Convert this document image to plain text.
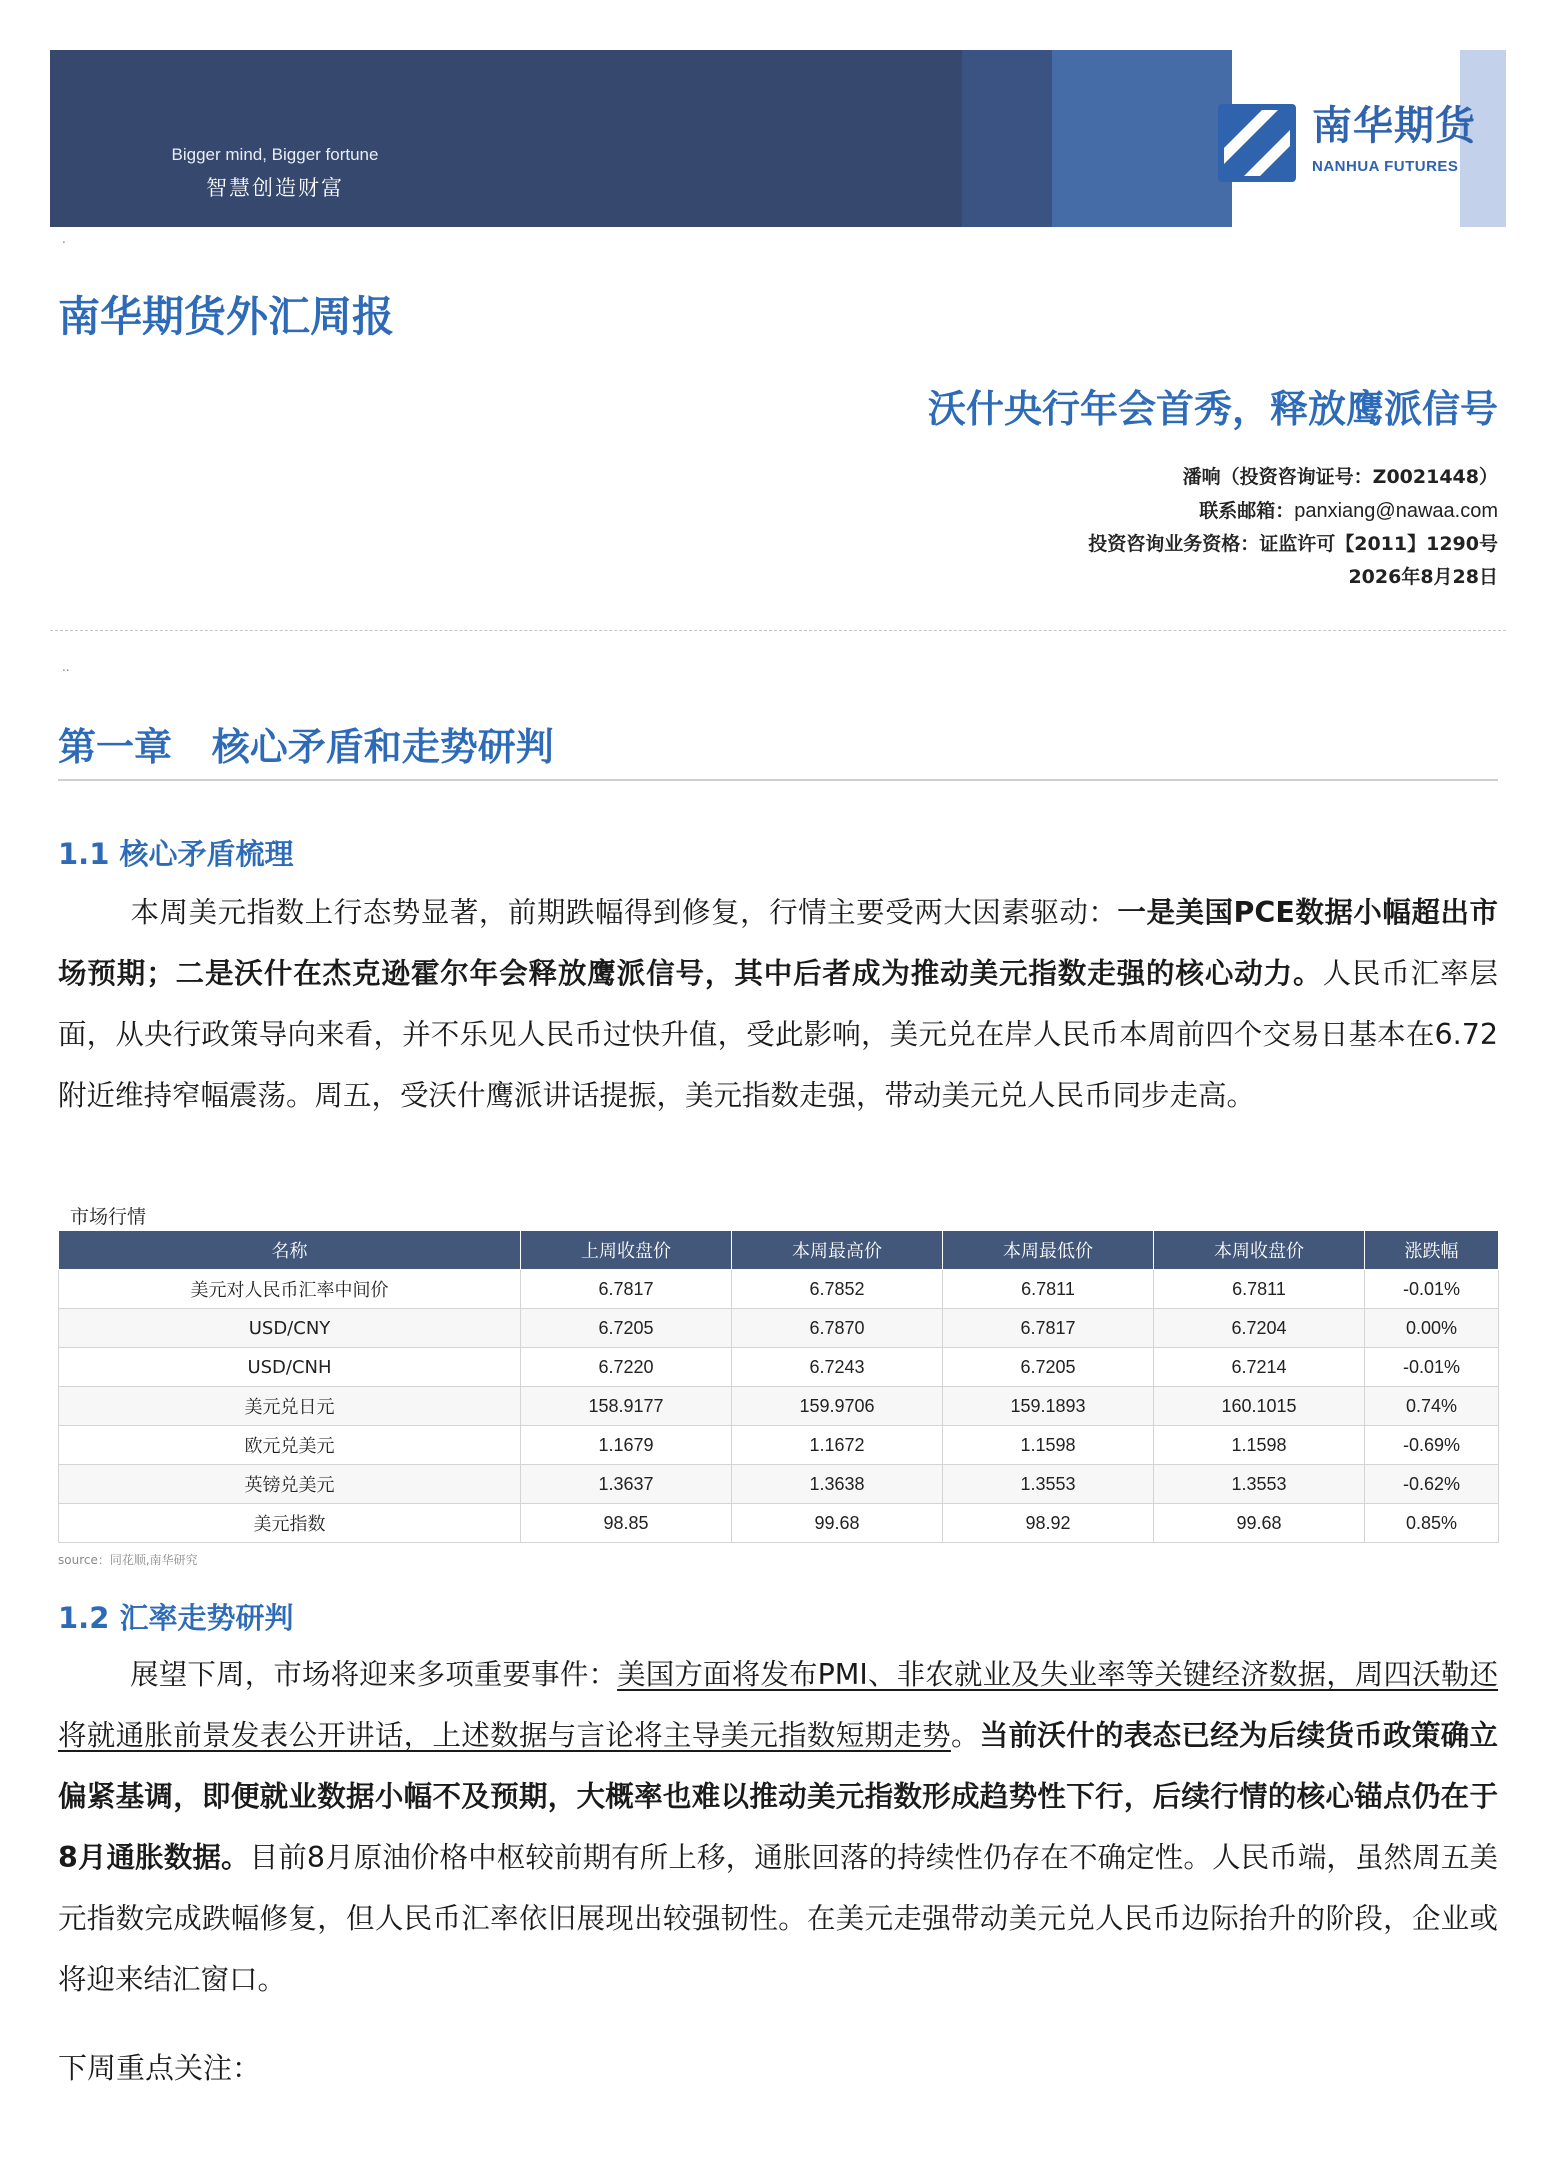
Bigger mind, Bigger fortune
智慧创造财富
南华期货
NANHUA FUTURES
.
南华期货外汇周报
沃什央行年会首秀，释放鹰派信号
潘响（投资咨询证号：Z0021448）
联系邮箱：panxiang@nawaa.com
投资咨询业务资格：证监许可【2011】1290号
2026年8月28日
..
第一章   核心矛盾和走势研判
1.1 核心矛盾梳理
本周美元指数上行态势显著，前期跌幅得到修复，行情主要受两大因素驱动：一是美国PCE数据小幅超出市场预期；二是沃什在杰克逊霍尔年会释放鹰派信号，其中后者成为推动美元指数走强的核心动力。人民币汇率层面，从央行政策导向来看，并不乐见人民币过快升值，受此影响，美元兑在岸人民币本周前四个交易日基本在6.72附近维持窄幅震荡。周五，受沃什鹰派讲话提振，美元指数走强，带动美元兑人民币同步走高。
市场行情
名称	上周收盘价	本周最高价	本周最低价	本周收盘价	涨跌幅
美元对人民币汇率中间价	6.7817	6.7852	6.7811	6.7811	-0.01%
USD/CNY	6.7205	6.7870	6.7817	6.7204	0.00%
USD/CNH	6.7220	6.7243	6.7205	6.7214	-0.01%
美元兑日元	158.9177	159.9706	159.1893	160.1015	0.74%
欧元兑美元	1.1679	1.1672	1.1598	1.1598	-0.69%
英镑兑美元	1.3637	1.3638	1.3553	1.3553	-0.62%
美元指数	98.85	99.68	98.92	99.68	0.85%
source：同花顺,南华研究
1.2 汇率走势研判
展望下周，市场将迎来多项重要事件：美国方面将发布PMI、非农就业及失业率等关键经济数据，周四沃勒还将就通胀前景发表公开讲话，上述数据与言论将主导美元指数短期走势。当前沃什的表态已经为后续货币政策确立偏紧基调，即便就业数据小幅不及预期，大概率也难以推动美元指数形成趋势性下行，后续行情的核心锚点仍在于8月通胀数据。目前8月原油价格中枢较前期有所上移，通胀回落的持续性仍存在不确定性。人民币端，虽然周五美元指数完成跌幅修复，但人民币汇率依旧展现出较强韧性。在美元走强带动美元兑人民币边际抬升的阶段，企业或将迎来结汇窗口。
下周重点关注：
